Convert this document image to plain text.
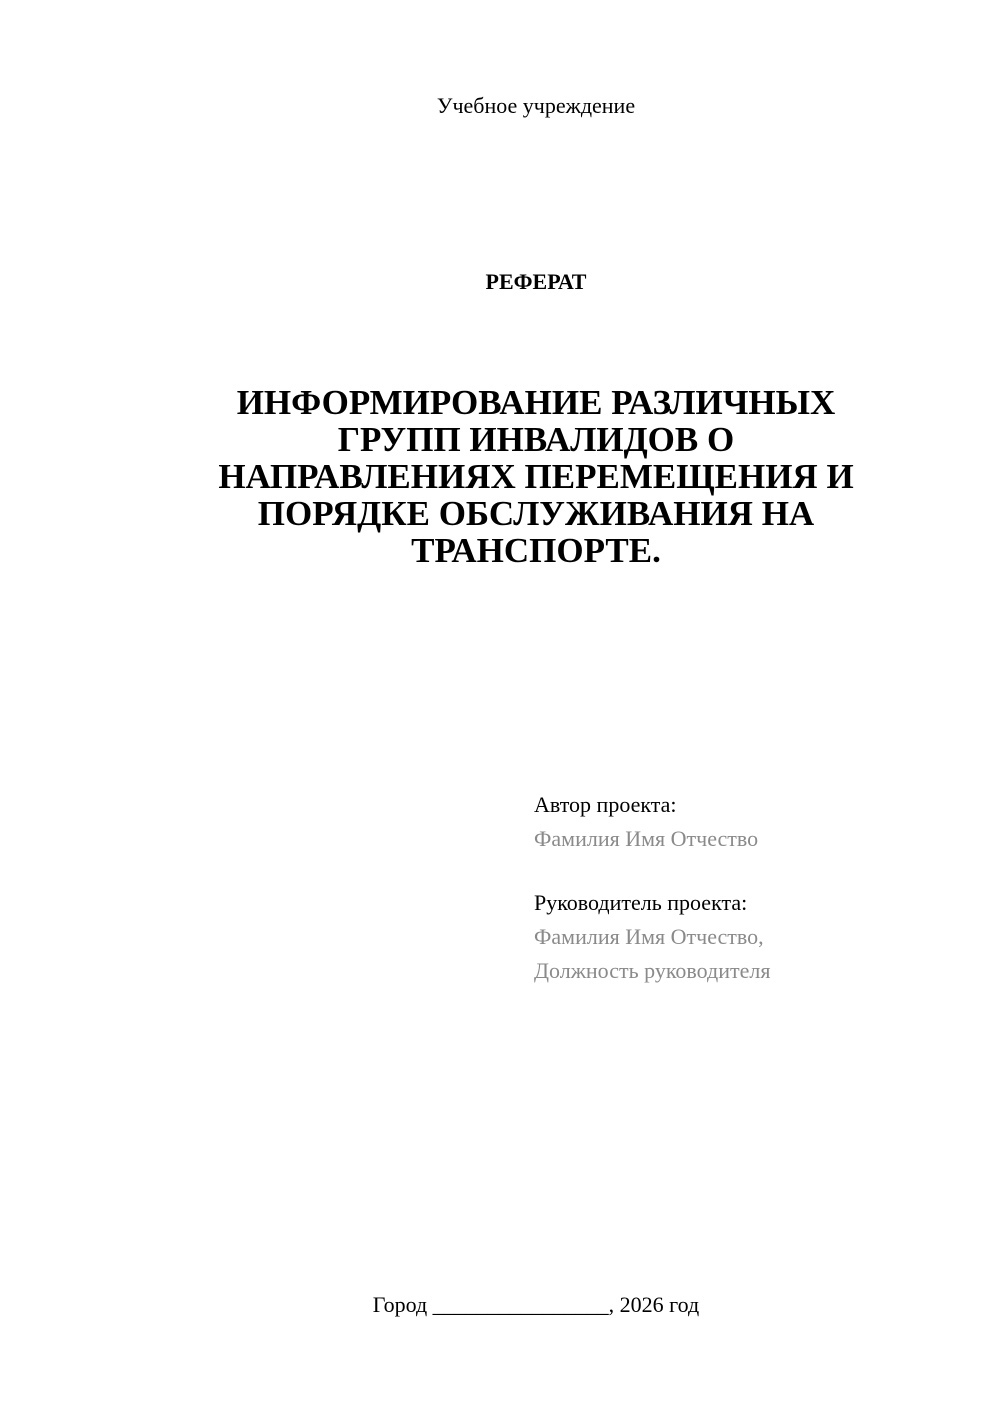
Учебное учреждение
РЕФЕРАТ
ИНФОРМИРОВАНИЕ РАЗЛИЧНЫХ
ГРУПП ИНВАЛИДОВ О
НАПРАВЛЕНИЯХ ПЕРЕМЕЩЕНИЯ И
ПОРЯДКЕ ОБСЛУЖИВАНИЯ НА
ТРАНСПОРТЕ.
Автор проекта:
Фамилия Имя Отчество
Руководитель проекта:
Фамилия Имя Отчество,
Должность руководителя
Город ________________, 2026 год
